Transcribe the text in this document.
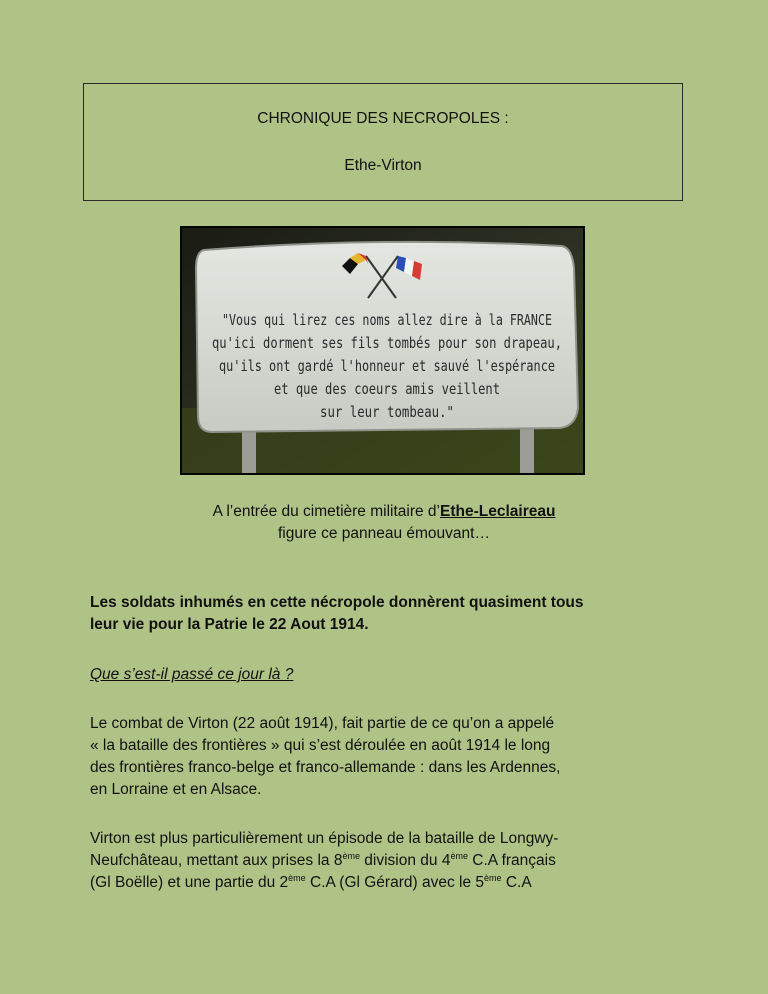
CHRONIQUE DES NECROPOLES :
Ethe-Virton
"Vous qui lirez ces noms allez dire à la FRANCE
qu'ici dorment ses fils tombés pour son drapeau,
qu'ils ont gardé l'honneur et sauvé l'espérance
et que des coeurs amis veillent
sur leur tombeau."
A l’entrée du cimetière militaire d’Ethe-Leclaireau
figure ce panneau émouvant…
Les soldats inhumés en cette nécropole donnèrent quasiment tous
leur vie pour la Patrie le 22 Aout 1914.
Que s’est-il passé ce jour là ?
Le combat de Virton (22 août 1914), fait partie de ce qu’on a appelé
« la bataille des frontières » qui s’est déroulée en août 1914 le long
des frontières franco-belge et franco-allemande : dans les Ardennes,
en Lorraine et en Alsace.
Virton est plus particulièrement un épisode de la bataille de Longwy-
Neufchâteau, mettant aux prises la 8ème division du 4ème C.A français
(Gl Boëlle) et une partie du 2ème C.A (Gl Gérard) avec le 5ème C.A
